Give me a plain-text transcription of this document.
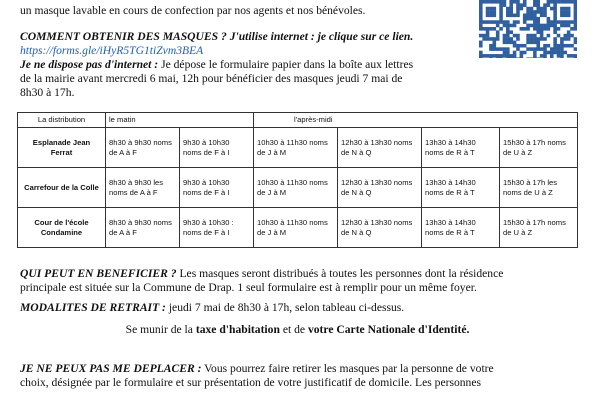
un masque lavable en cours de confection par nos agents et nos bénévoles.
COMMENT OBTENIR DES MASQUES ? J'utilise internet : je clique sur ce lien.
https://forms.gle/iHyR5TG1tiZvm3BEA
Je ne dispose pas d'internet : Je dépose le formulaire papier dans la boîte aux lettres
de la mairie avant mercredi 6 mai, 12h pour bénéficier des masques jeudi 7 mai de
8h30 à 17h.
La distribution	le matin		l'après-midi			
Esplanade Jean Ferrat	8h30 à 9h30 noms de A à F	9h30 à 10h30 noms de F à I	10h30 à 11h30 noms de J à M	12h30 à 13h30 noms de N à Q	13h30 à 14h30 noms de R à T	15h30 à 17h noms de U à Z
Carrefour de la Colle	8h30 à 9h30 les noms de A à F	9h30 à 10h30 noms de F à I	10h30 à 11h30 noms de J à M	12h30 à 13h30 noms de N à Q	13h30 à 14h30 noms de R à T	15h30 à 17h les noms de U à Z
Cour de l'école Condamine	8h30 à 9h30 noms de A à F	9h30 à 10h30 : noms de F à I	10h30 à 11h30 noms de J à M	12h30 à 13h30 noms de N à Q	13h30 à 14h30 noms de R à T	15h30 à 17h noms de U à Z
QUI PEUT EN BENEFICIER ? Les masques seront distribués à toutes les personnes dont la résidence
principale est située sur la Commune de Drap. 1 seul formulaire est à remplir pour un même foyer.
MODALITES DE RETRAIT : jeudi 7 mai de 8h30 à 17h, selon tableau ci-dessus.
Se munir de la taxe d'habitation et de votre Carte Nationale d'Identité.
JE NE PEUX PAS ME DEPLACER : Vous pourrez faire retirer les masques par la personne de votre
choix, désignée par le formulaire et sur présentation de votre justificatif de domicile. Les personnes
